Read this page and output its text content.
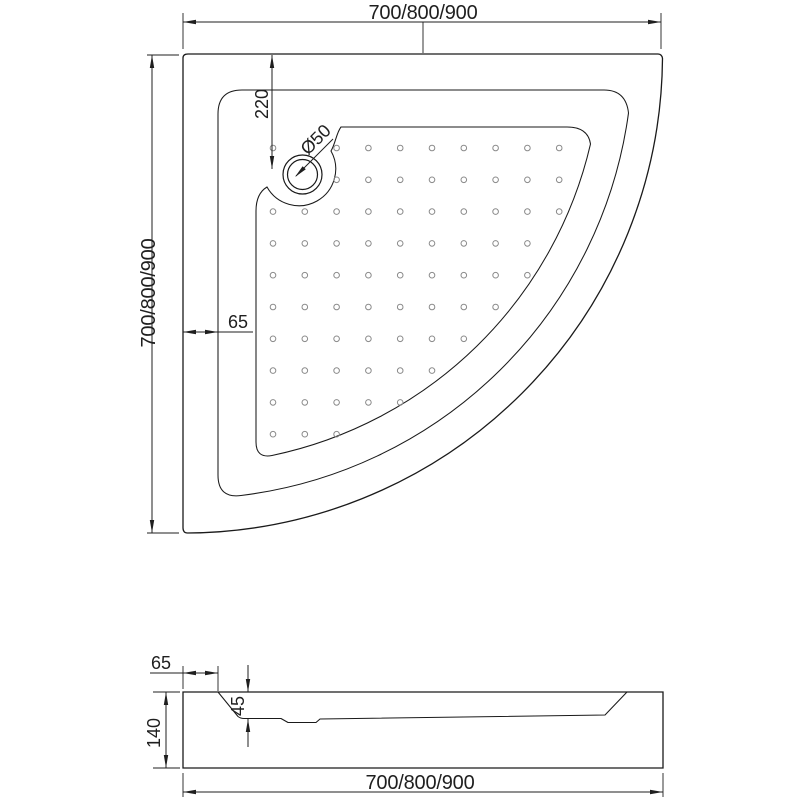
Ø50
700/800/900
700/800/900
220
65
65
45
140
700/800/900
